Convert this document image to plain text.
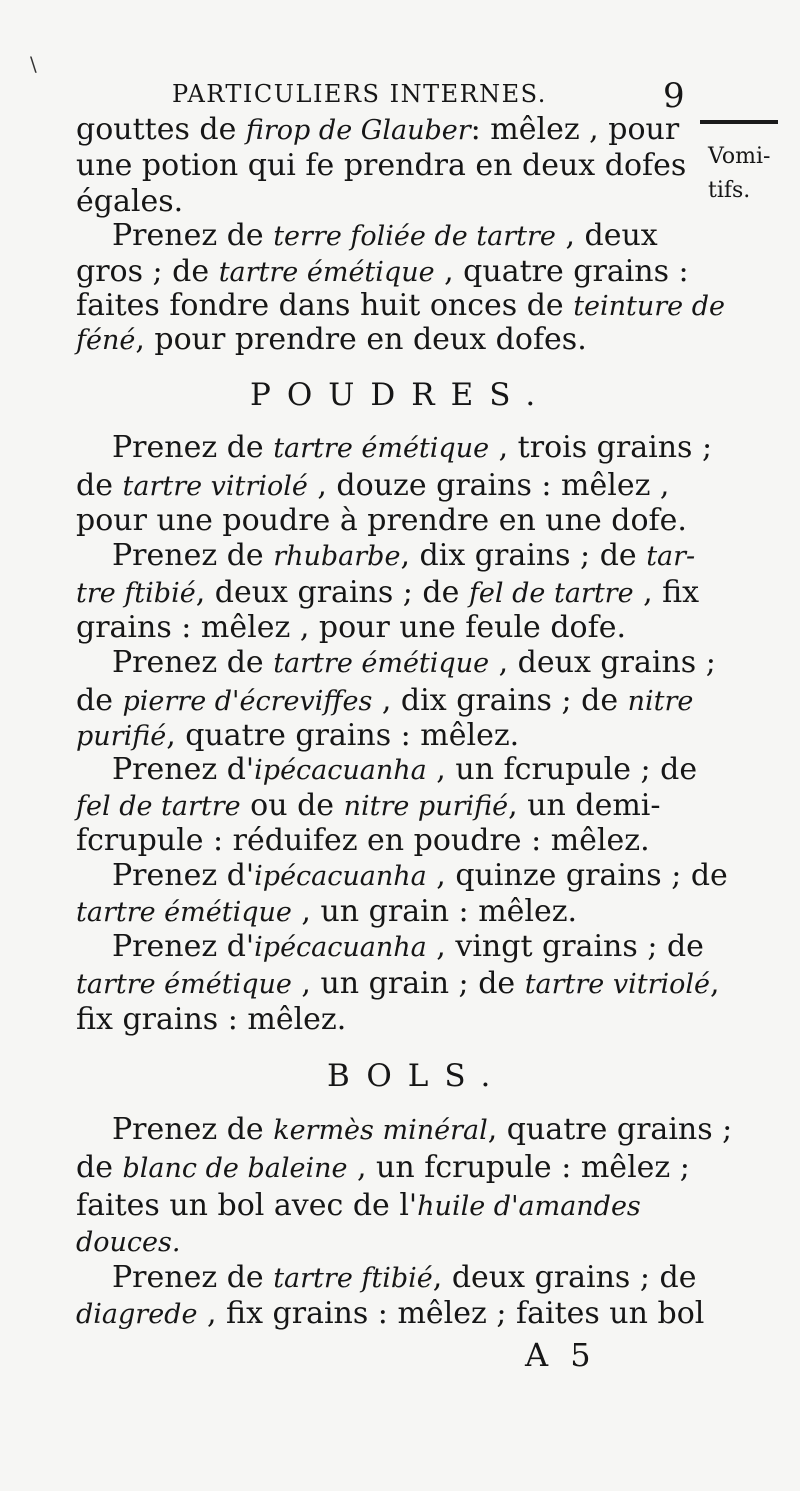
\
PARTICULIERS INTERNES.	9
Vomi-
tifs.
gouttes de firop de Glauber: mêlez , pour
une potion qui fe prendra en deux dofes
égales.
Prenez de terre foliée de tartre , deux
gros ; de tartre émétique , quatre grains :
faites fondre dans huit onces de teinture de
féné, pour prendre en deux dofes.
POUDRES.
Prenez de tartre émétique , trois grains ;
de tartre vitriolé , douze grains : mêlez ,
pour une poudre à prendre en une dofe.
Prenez de rhubarbe, dix grains ; de tar-
tre ftibié, deux grains ; de fel de tartre , fix
grains : mêlez , pour une feule dofe.
Prenez de tartre émétique , deux grains ;
de pierre d'écreviffes , dix grains ; de nitre
purifié, quatre grains : mêlez.
Prenez d'ipécacuanha , un fcrupule ; de
fel de tartre ou de nitre purifié, un demi-
fcrupule : réduifez en poudre : mêlez.
Prenez d'ipécacuanha , quinze grains ; de
tartre émétique , un grain : mêlez.
Prenez d'ipécacuanha , vingt grains ; de
tartre émétique , un grain ; de tartre vitriolé,
fix grains : mêlez.
BOLS.
Prenez de kermès minéral, quatre grains ;
de blanc de baleine , un fcrupule : mêlez ;
faites un bol avec de l'huile d'amandes
douces.
Prenez de tartre ftibié, deux grains ; de
diagrede , fix grains : mêlez ; faites un bol
A 5
